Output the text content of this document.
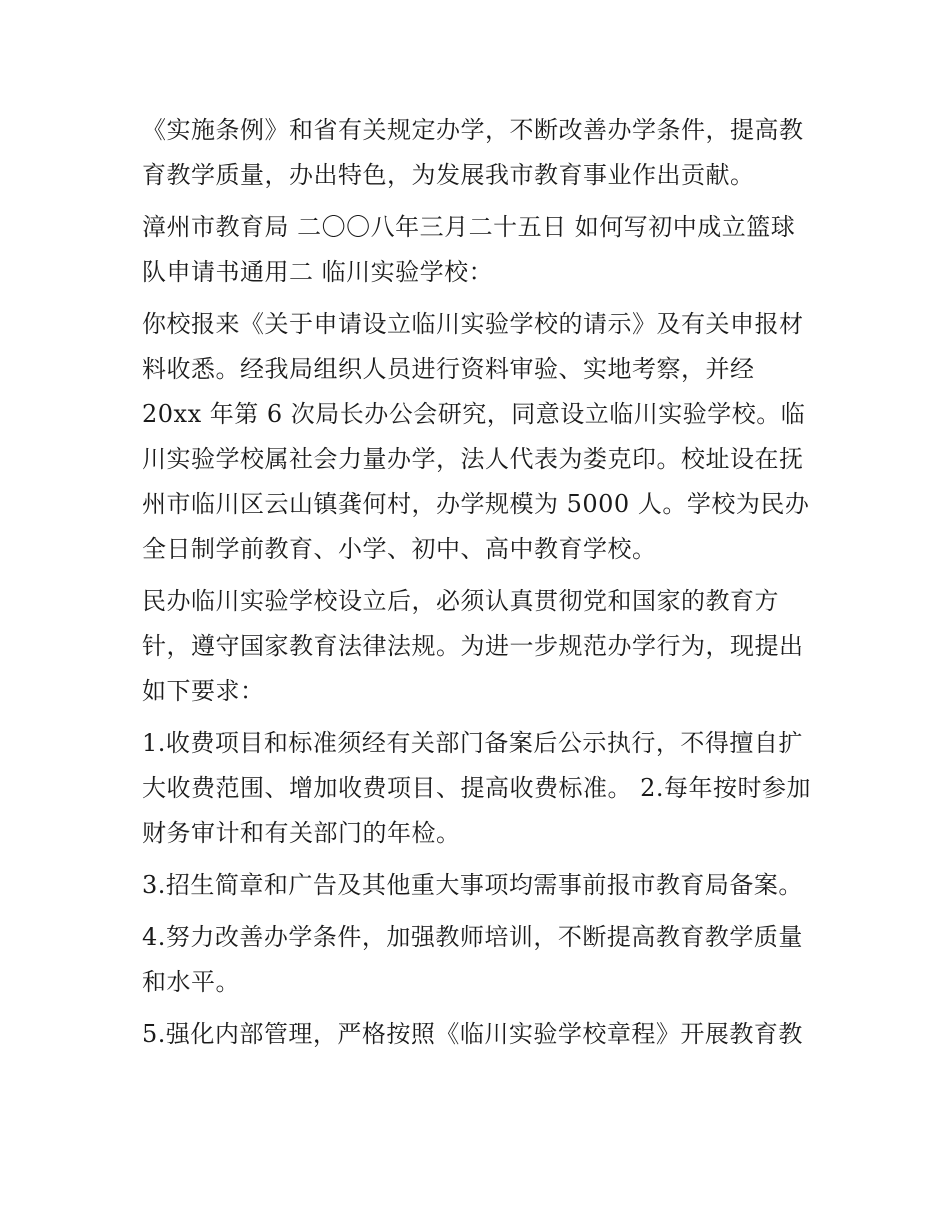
《实施条例》和省有关规定办学，不断改善办学条件，提高教
育教学质量，办出特色，为发展我市教育事业作出贡献。
漳州市教育局 二〇〇八年三月二十五日 如何写初中成立篮球
队申请书通用二 临川实验学校：
你校报来《关于申请设立临川实验学校的请示》及有关申报材
料收悉。经我局组织人员进行资料审验、实地考察，并经
20xx 年第 6 次局长办公会研究，同意设立临川实验学校。临
川实验学校属社会力量办学，法人代表为娄克印。校址设在抚
州市临川区云山镇龚何村，办学规模为 5000 人。学校为民办
全日制学前教育、小学、初中、高中教育学校。
民办临川实验学校设立后，必须认真贯彻党和国家的教育方
针，遵守国家教育法律法规。为进一步规范办学行为，现提出
如下要求：
1.收费项目和标准须经有关部门备案后公示执行，不得擅自扩
大收费范围、增加收费项目、提高收费标准。 2.每年按时参加
财务审计和有关部门的年检。
3.招生简章和广告及其他重大事项均需事前报市教育局备案。
4.努力改善办学条件，加强教师培训，不断提高教育教学质量
和水平。
5.强化内部管理，严格按照《临川实验学校章程》开展教育教
